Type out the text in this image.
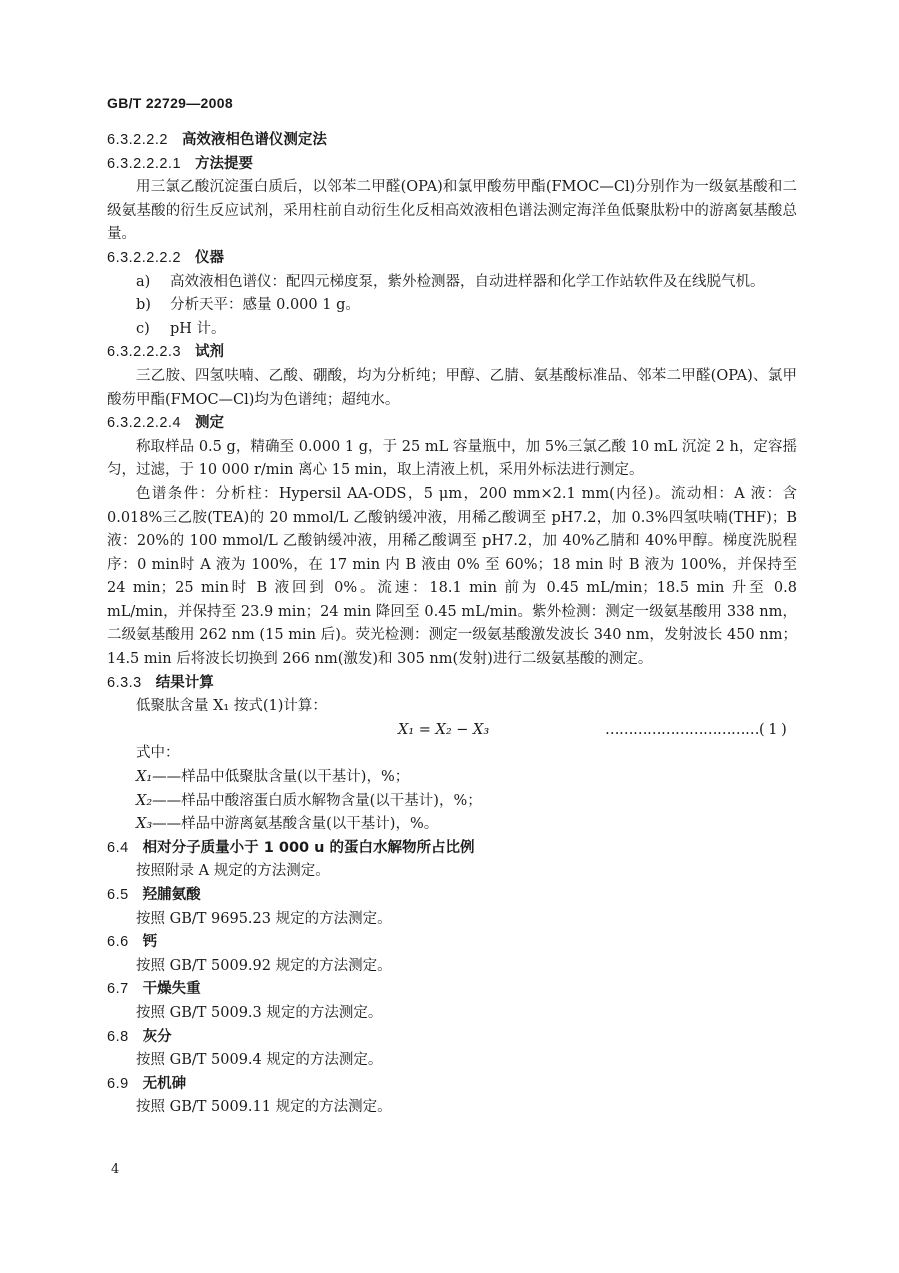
GB/T 22729—2008
6.3.2.2.2 高效液相色谱仪测定法
6.3.2.2.2.1 方法提要
用三氯乙酸沉淀蛋白质后，以邻苯二甲醛(OPA)和氯甲酸芴甲酯(FMOC—Cl)分别作为一级氨基酸和二级氨基酸的衍生反应试剂，采用柱前自动衍生化反相高效液相色谱法测定海洋鱼低聚肽粉中的游离氨基酸总量。
6.3.2.2.2.2 仪器
a)	高效液相色谱仪：配四元梯度泵，紫外检测器，自动进样器和化学工作站软件及在线脱气机。
b)	分析天平：感量 0.000 1 g。
c)	pH 计。
6.3.2.2.2.3 试剂
三乙胺、四氢呋喃、乙酸、硼酸，均为分析纯；甲醇、乙腈、氨基酸标准品、邻苯二甲醛(OPA)、氯甲酸芴甲酯(FMOC—Cl)均为色谱纯；超纯水。
6.3.2.2.2.4 测定
称取样品 0.5 g，精确至 0.000 1 g，于 25 mL 容量瓶中，加 5%三氯乙酸 10 mL 沉淀 2 h，定容摇匀，过滤，于 10 000 r/min 离心 15 min，取上清液上机，采用外标法进行测定。
色谱条件：分析柱：Hypersil AA-ODS，5 μm，200 mm×2.1 mm(内径)。流动相：A 液：含 0.018%三乙胺(TEA)的 20 mmol/L 乙酸钠缓冲液，用稀乙酸调至 pH7.2，加 0.3%四氢呋喃(THF)；B 液：20%的 100 mmol/L 乙酸钠缓冲液，用稀乙酸调至 pH7.2，加 40%乙腈和 40%甲醇。梯度洗脱程序：0 min时 A 液为 100%，在 17 min 内 B 液由 0% 至 60%；18 min 时 B 液为 100%，并保持至 24 min；25 min时 B 液回到 0%。流速：18.1 min 前为 0.45 mL/min；18.5 min 升至 0.8 mL/min，并保持至 23.9 min；24 min 降回至 0.45 mL/min。紫外检测：测定一级氨基酸用 338 nm，二级氨基酸用 262 nm (15 min 后)。荧光检测：测定一级氨基酸激发波长 340 nm，发射波长 450 nm；14.5 min 后将波长切换到 266 nm(激发)和 305 nm(发射)进行二级氨基酸的测定。
6.3.3 结果计算
低聚肽含量 X₁ 按式(1)计算：
X₁ = X₂ − X₃	……………………………( 1 )
式中：
X₁——样品中低聚肽含量(以干基计)，%；
X₂——样品中酸溶蛋白质水解物含量(以干基计)，%；
X₃——样品中游离氨基酸含量(以干基计)，%。
6.4 相对分子质量小于 1 000 u 的蛋白水解物所占比例
按照附录 A 规定的方法测定。
6.5 羟脯氨酸
按照 GB/T 9695.23 规定的方法测定。
6.6 钙
按照 GB/T 5009.92 规定的方法测定。
6.7 干燥失重
按照 GB/T 5009.3 规定的方法测定。
6.8 灰分
按照 GB/T 5009.4 规定的方法测定。
6.9 无机砷
按照 GB/T 5009.11 规定的方法测定。
4
